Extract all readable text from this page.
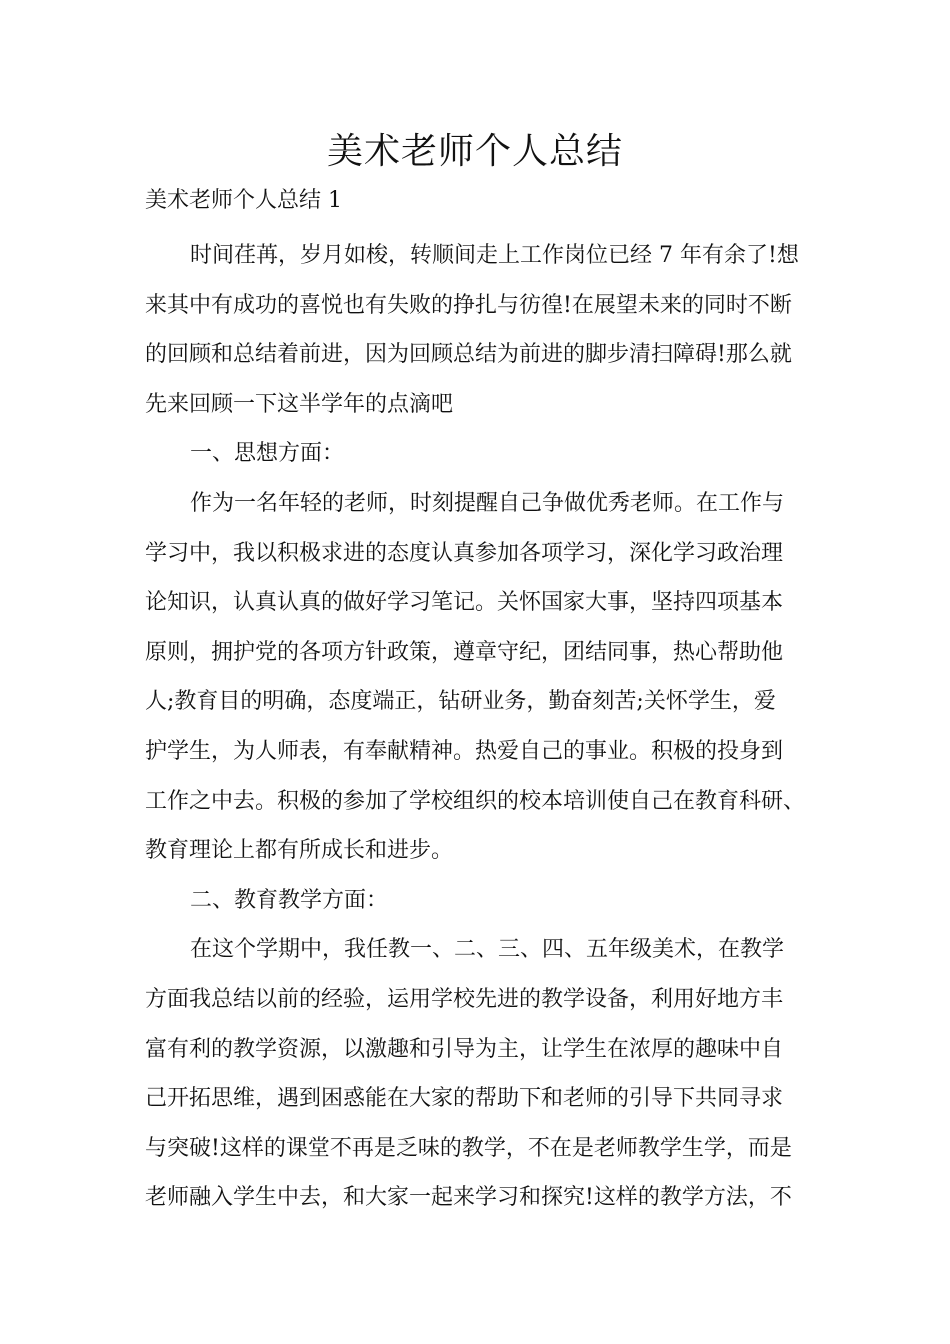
美术老师个人总结

美术老师个人总结 1

时间荏苒，岁月如梭，转顺间走上工作岗位已经 7 年有余了!想
来其中有成功的喜悦也有失败的挣扎与彷徨!在展望未来的同时不断
的回顾和总结着前进，因为回顾总结为前进的脚步清扫障碍!那么就
先来回顾一下这半学年的点滴吧
一、思想方面：
作为一名年轻的老师，时刻提醒自己争做优秀老师。在工作与
学习中，我以积极求进的态度认真参加各项学习，深化学习政治理
论知识，认真认真的做好学习笔记。关怀国家大事，坚持四项基本
原则，拥护党的各项方针政策，遵章守纪，团结同事，热心帮助他
人;教育目的明确，态度端正，钻研业务，勤奋刻苦;关怀学生，爱
护学生，为人师表，有奉献精神。热爱自己的事业。积极的投身到
工作之中去。积极的参加了学校组织的校本培训使自己在教育科研、
教育理论上都有所成长和进步。
二、教育教学方面：
在这个学期中，我任教一、二、三、四、五年级美术，在教学
方面我总结以前的经验，运用学校先进的教学设备，利用好地方丰
富有利的教学资源，以激趣和引导为主，让学生在浓厚的趣味中自
己开拓思维，遇到困惑能在大家的帮助下和老师的引导下共同寻求
与突破!这样的课堂不再是乏味的教学，不在是老师教学生学，而是
老师融入学生中去，和大家一起来学习和探究!这样的教学方法，不
